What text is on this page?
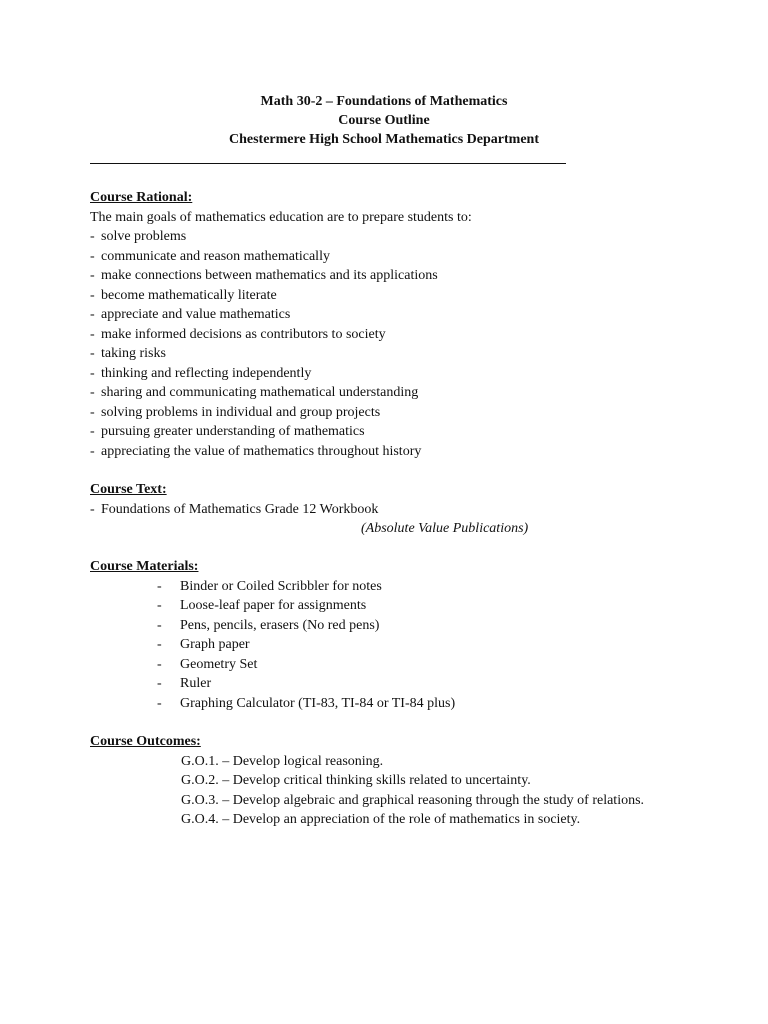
Math 30-2 – Foundations of Mathematics
Course Outline
Chestermere High School Mathematics Department
Course Rational:
The main goals of mathematics education are to prepare students to:
- solve problems
- communicate and reason mathematically
- make connections between mathematics and its applications
- become mathematically literate
- appreciate and value mathematics
- make informed decisions as contributors to society
- taking risks
- thinking and reflecting independently
- sharing and communicating mathematical understanding
- solving problems in individual and group projects
- pursuing greater understanding of mathematics
- appreciating the value of mathematics throughout history
Course Text:
- Foundations of Mathematics Grade 12 Workbook
(Absolute Value Publications)
Course Materials:
- Binder or Coiled Scribbler for notes
- Loose-leaf paper for assignments
- Pens, pencils, erasers (No red pens)
- Graph paper
- Geometry Set
- Ruler
- Graphing Calculator (TI-83, TI-84 or TI-84 plus)
Course Outcomes:
G.O.1. – Develop logical reasoning.
G.O.2. – Develop critical thinking skills related to uncertainty.
G.O.3. – Develop algebraic and graphical reasoning through the study of relations.
G.O.4. – Develop an appreciation of the role of mathematics in society.
